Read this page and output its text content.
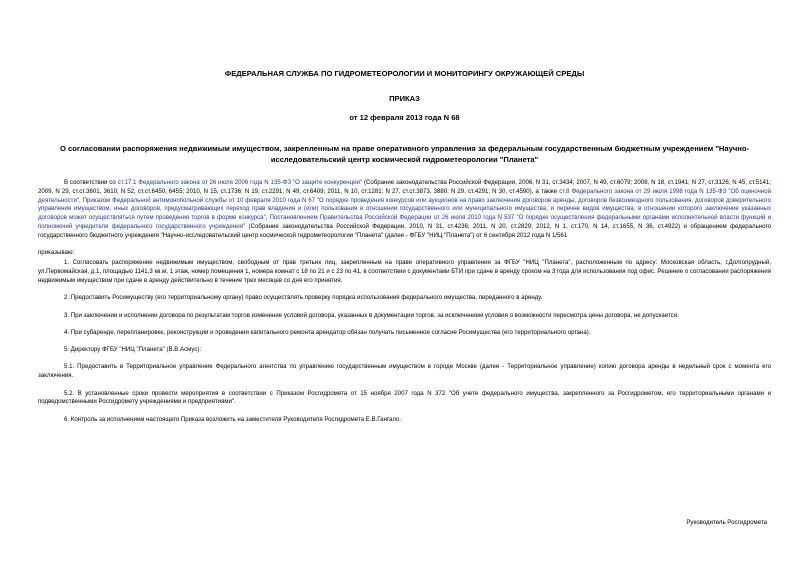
ФЕДЕРАЛЬНАЯ СЛУЖБА ПО ГИДРОМЕТЕОРОЛОГИИ И МОНИТОРИНГУ ОКРУЖАЮЩЕЙ СРЕДЫ
ПРИКАЗ
от 12 февраля 2013 года N 68
О согласовании распоряжения недвижимым имуществом, закрепленным на праве оперативного управления за федеральным государственным бюджетным учреждением "Научно-исследовательский центр космической гидрометеорологии "Планета"
В соответствии со ст.17.1 Федерального закона от 26 июля 2006 года N 135-ФЗ "О защите конкуренции" (Собрание законодательства Российской Федерации, 2006, N 31, ст.3434; 2007, N 49, ст.6079; 2008, N 18, ст.1941; N 27, ст.3126; N 45, ст.5141; 2009, N 29, ст.ст.3601, 3610; N 52, ст.ст.6450, 6455; 2010, N 15, ст.1736; N 19, ст.2291; N 49, ст.6409; 2011, N 10, ст.1281; N 27, ст.ст.3873, 3880; N 29, ст.4291; N 30, ст.4590), а также ст.8 Федерального закона от 29 июля 1998 года N 135-ФЗ "Об оценочной деятельности", Приказом Федеральной антимонопольной службы от 10 февраля 2010 года N 67 "О порядке проведения конкурсов или аукционов на право заключения договоров аренды, договоров безвозмездного пользования, договоров доверительного управления имуществом, иных договоров, предусматривающих переход прав владения и (или) пользования в отношении государственного или муниципального имущества, и перечне видов имущества, в отношении которого заключение указанных договоров может осуществляться путем проведения торгов в форме конкурса", Постановлением Правительства Российской Федерации от 26 июля 2010 года N 537 "О порядке осуществления федеральными органами исполнительной власти функций и полномочий учредителя федерального государственного учреждения" (Собрание законодательства Российской Федерации, 2010, N 31, ст.4236; 2011, N 20, ст.2829; 2012, N 1, ст.170, N 14, ст.1655, N 36, ст.4922) и обращением федерального государственного бюджетного учреждения "Научно-исследовательский центр космической гидрометеорологии "Планета" (далее - ФГБУ "НИЦ "Планета") от 6 сентября 2012 года N 1/561
приказываю:
1. Согласовать распоряжение недвижимым имуществом, свободным от прав третьих лиц, закрепленным на праве оперативного управления за ФГБУ "НИЦ "Планета", расположенным по адресу: Московская область, г.Долгопрудный, ул.Первомайская, д.1, площадью 1141,3 кв.м, 1 этаж, номер помещения 1, номера комнат с 18 по 21 и с 23 по 41, в соответствии с документами БТИ при сдаче в аренду сроком на 3 года для использования под офис. Решение о согласовании распоряжения недвижимым имуществом при сдаче в аренду действительно в течение трех месяцев со дня его принятия.
2. Предоставить Росимуществу (его территориальному органу) право осуществлять проверку порядка использования федерального имущества, переданного в аренду.
3. При заключении и исполнении договора по результатам торгов изменение условий договора, указанных в документации торгов, за исключением условия о возможности пересмотра цены договора, не допускается.
4. При субаренде, перепланировке, реконструкции и проведении капитального ремонта арендатор обязан получать письменное согласие Росимущества (его территориального органа).
5. Директору ФГБУ "НИЦ "Планета" (В.В.Асмус):
5.1. Предоставить в Территориальное управление Федерального агентства по управлению государственным имуществом в городе Москве (далее - Территориальное управление) копию договора аренды в недельный срок с момента его заключения.
5.2. В установленные сроки провести мероприятия в соответствии с Приказом Росгидромета от 15 ноября 2007 года N 372 "Об учете федерального имущества, закрепленного за Росгидрометом, его территориальными органами и подведомственными Росгидромету учреждениями и предприятиями".
6. Контроль за исполнением настоящего Приказа возложить на заместителя Руководителя Росгидромета Е.В.Гангало.
Руководитель Росгидромета
